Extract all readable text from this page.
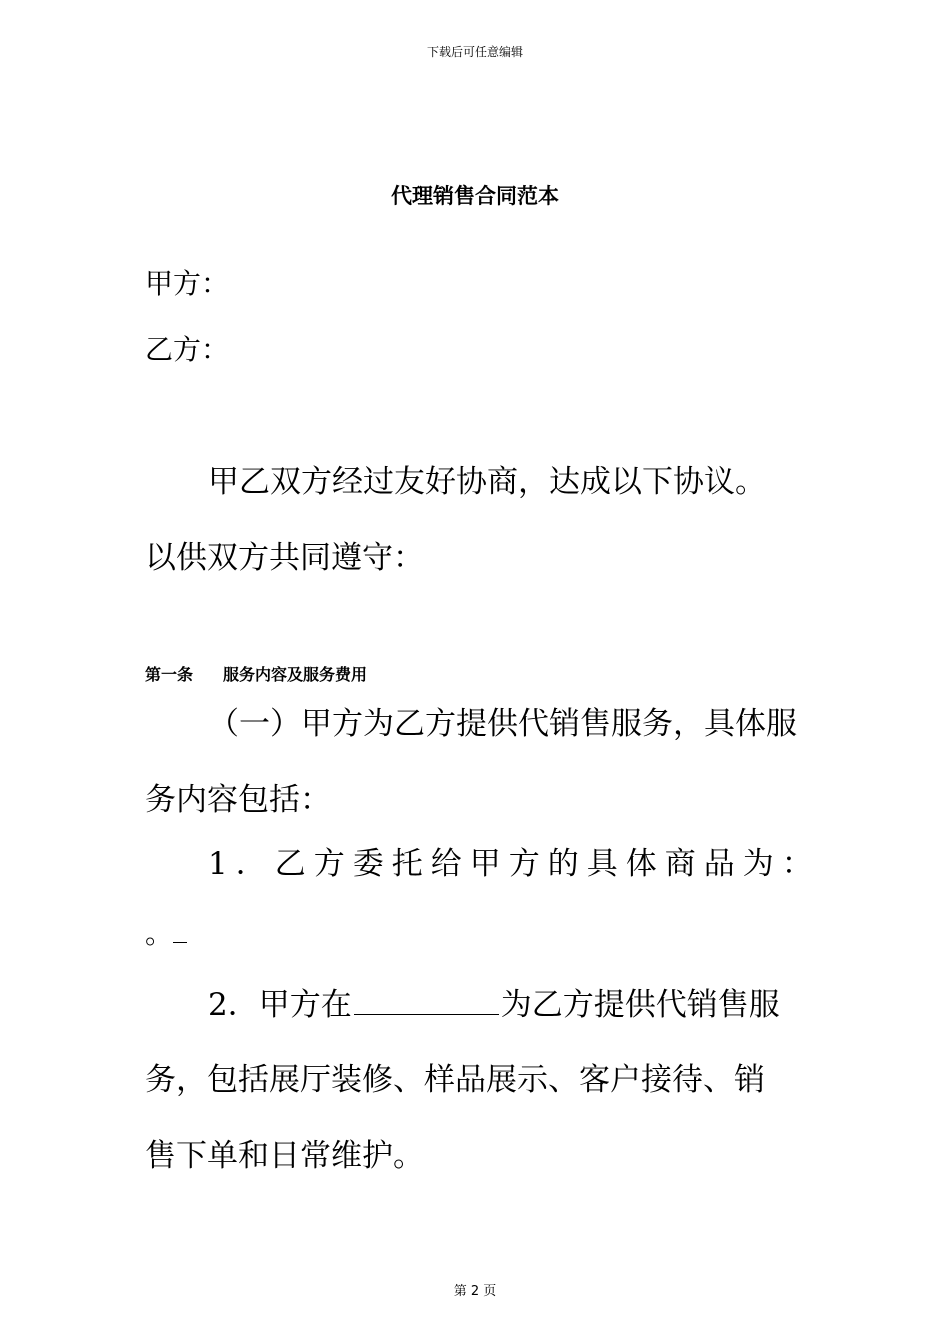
下载后可任意编辑
代理销售合同范本
甲方：
乙方：
甲乙双方经过友好协商，达成以下协议。
以供双方共同遵守：
第一条 服务内容及服务费用
（一）甲方为乙方提供代销售服务，具体服
务内容包括：
1．乙方委托给甲方的具体商品为：
。
2．甲方在	为乙方提供代销售服
务，包括展厅装修、样品展示、客户接待、销
售下单和日常维护。
第 2 页
